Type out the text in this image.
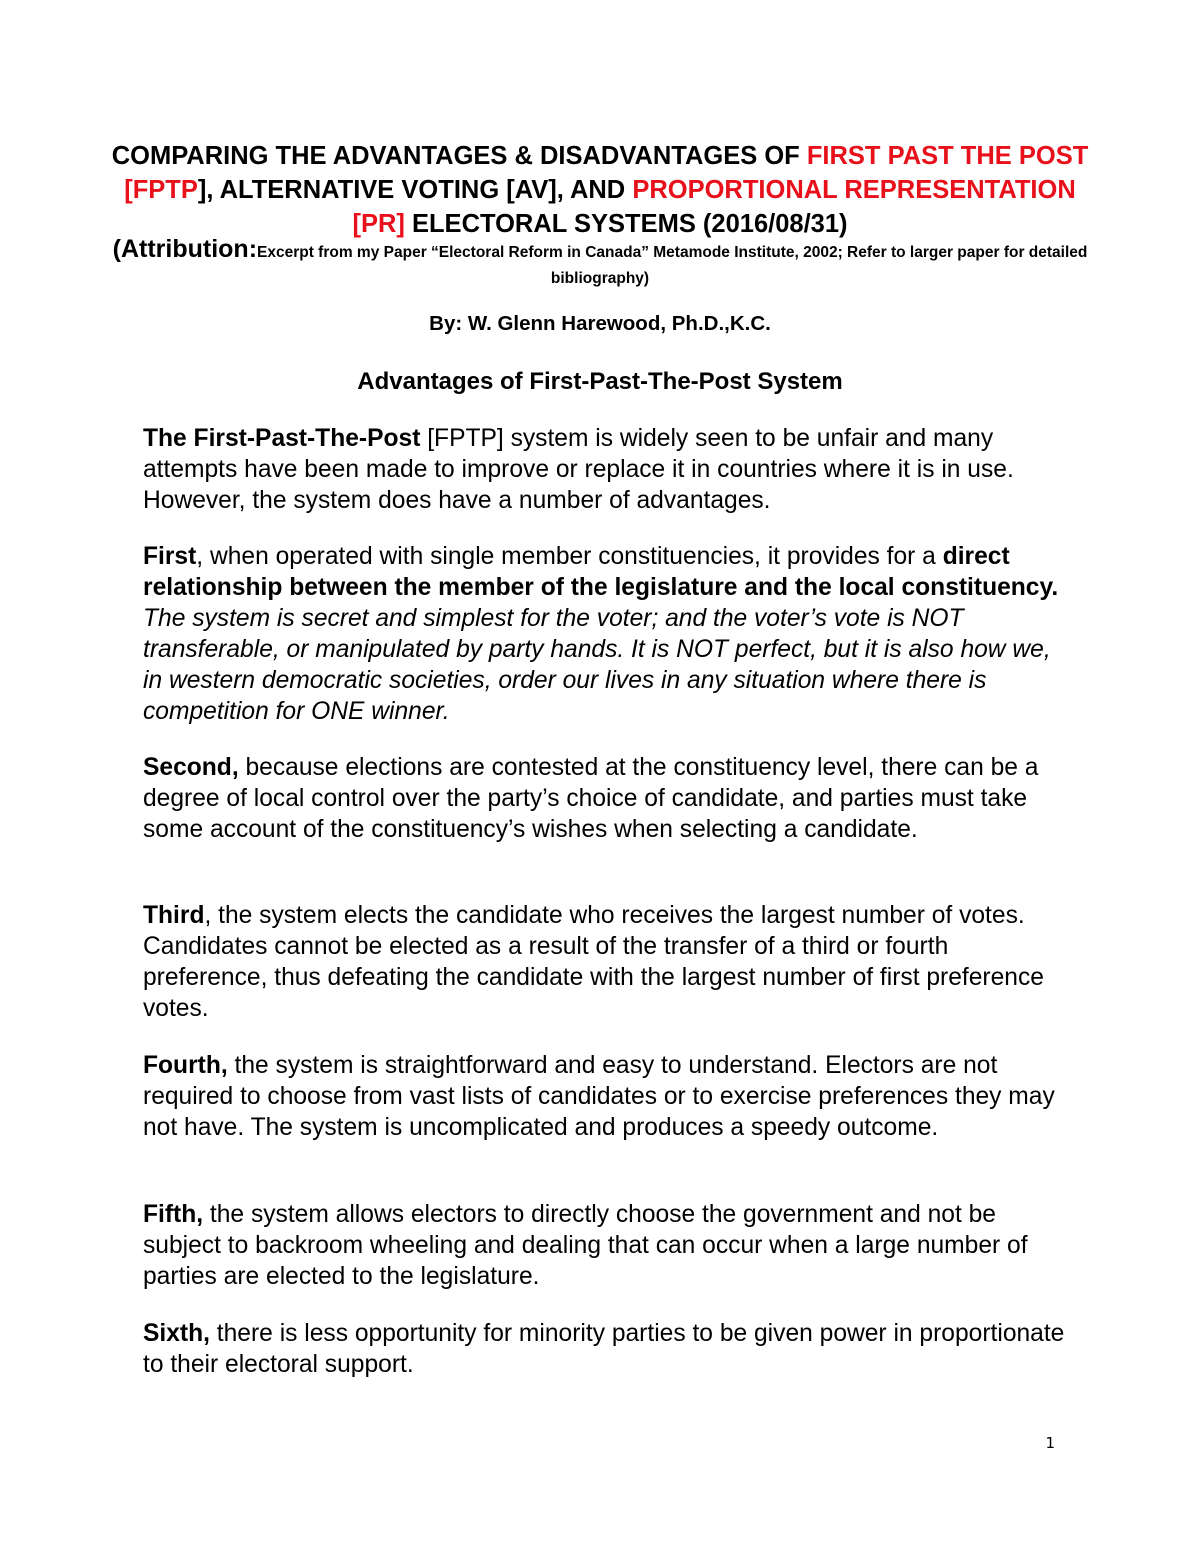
COMPARING THE ADVANTAGES & DISADVANTAGES OF FIRST PAST THE POST [FPTP], ALTERNATIVE VOTING [AV], AND PROPORTIONAL REPRESENTATION [PR] ELECTORAL SYSTEMS (2016/08/31)
(Attribution:Excerpt from my Paper “Electoral Reform in Canada” Metamode Institute, 2002; Refer to larger paper for detailed bibliography)
By: W. Glenn Harewood, Ph.D.,K.C.
Advantages of First-Past-The-Post System
The First-Past-The-Post [FPTP] system is widely seen to be unfair and many attempts have been made to improve or replace it in countries where it is in use. However, the system does have a number of advantages.
First, when operated with single member constituencies, it provides for a direct relationship between the member of the legislature and the local constituency. The system is secret and simplest for the voter; and the voter’s vote is NOT transferable, or manipulated by party hands. It is NOT perfect, but it is also how we, in western democratic societies, order our lives in any situation where there is competition for ONE winner.
Second, because elections are contested at the constituency level, there can be a degree of local control over the party’s choice of candidate, and parties must take some account of the constituency’s wishes when selecting a candidate.
Third, the system elects the candidate who receives the largest number of votes. Candidates cannot be elected as a result of the transfer of a third or fourth preference, thus defeating the candidate with the largest number of first preference votes.
Fourth, the system is straightforward and easy to understand. Electors are not required to choose from vast lists of candidates or to exercise preferences they may not have. The system is uncomplicated and produces a speedy outcome.
Fifth, the system allows electors to directly choose the government and not be subject to backroom wheeling and dealing that can occur when a large number of parties are elected to the legislature.
Sixth, there is less opportunity for minority parties to be given power in proportionate to their electoral support.
1
